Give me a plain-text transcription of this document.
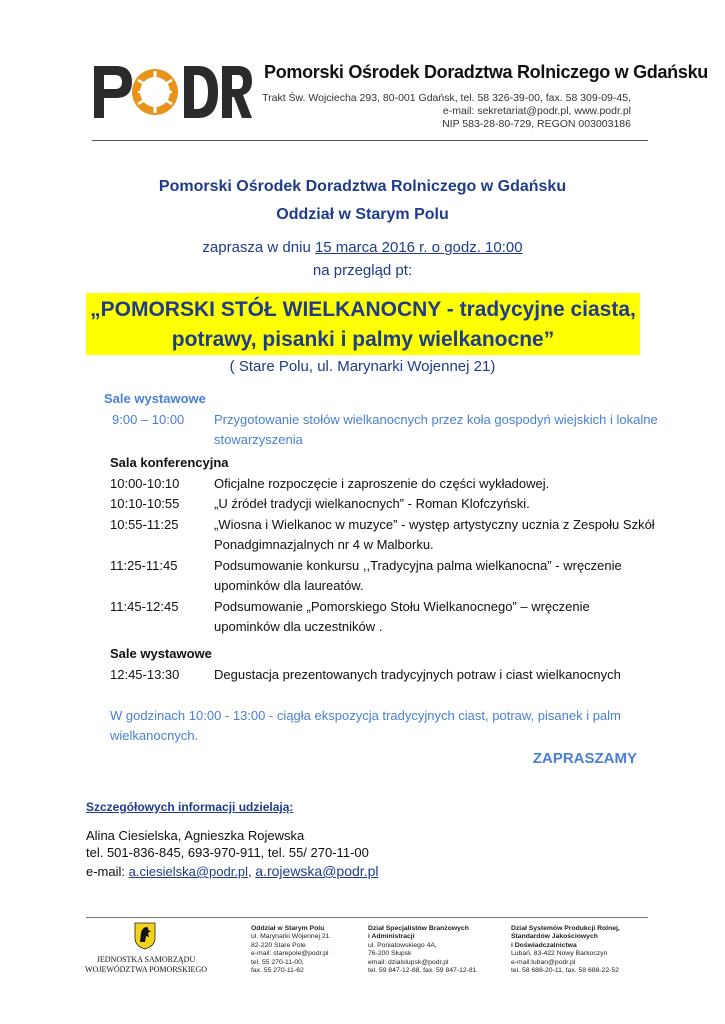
Pomorski Ośrodek Doradztwa Rolniczego w Gdańsku
Trakt Św. Wojciecha 293, 80-001 Gdańsk, tel. 58 326-39-00, fax. 58 309-09-45,
e-mail: sekretariat@podr.pl, www.podr.pl
NIP 583-28-80-729, REGON 003003186
Pomorski Ośrodek Doradztwa Rolniczego w Gdańsku
Oddział w Starym Polu
zaprasza w dniu 15 marca 2016 r. o godz. 10:00
na przegląd pt:
„POMORSKI STÓŁ WIELKANOCNY - tradycyjne ciasta,
potrawy, pisanki i palmy wielkanocne”
( Stare Polu, ul. Marynarki Wojennej 21)
Sale wystawowe
9:00 – 10:00 Przygotowanie stołów wielkanocnych przez koła gospodyń wiejskich i lokalne
stowarzyszenia
Sala konferencyjna
10:00-10:10	Oficjalne rozpoczęcie i zaproszenie do części wykładowej.
10:10-10:55	„U źródeł tradycji wielkanocnych” - Roman Klofczyński.
10:55-11:25	„Wiosna i Wielkanoc w muzyce” - występ artystyczny ucznia z Zespołu Szkół
Ponadgimnazjalnych nr 4 w Malborku.
11:25-11:45	Podsumowanie konkursu ,,Tradycyjna palma wielkanocna” - wręczenie
upominków dla laureatów.
11:45-12:45	Podsumowanie „Pomorskiego Stołu Wielkanocnego” – wręczenie
upominków dla uczestników .
Sale wystawowe
12:45-13:30	Degustacja prezentowanych tradycyjnych potraw i ciast wielkanocnych
W godzinach 10:00 - 13:00 - ciągła ekspozycja tradycyjnych ciast, potraw, pisanek i palm
wielkanocnych.
ZAPRASZAMY
Szczegółowych informacji udzielają:
Alina Ciesielska, Agnieszka Rojewska
tel. 501-836-845, 693-970-911, tel. 55/ 270-11-00
e-mail: a.ciesielska@podr.pl, a.rojewska@podr.pl
JEDNOSTKA SAMORZĄDU
WOJEWÓDZTWA POMORSKIEGO
Oddział w Starym Polu
ul. Marynarki Wojennej 21
82-220 Stare Pole
e-mail: starepole@podr.pl
tel. 55 270-11-00,
fax. 55 270-11-62
Dział Specjalistów Branżowych
i Administracji
ul. Poniatowskiego 4A,
76-200 Słupsk
email: dzialslupsk@podr.pl
tel. 59 847-12-88, fax. 59 847-12-81
Dział Systemów Produkcji Rolnej,
Standardów Jakościowych
i Doświadczalnictwa
Lubań, 83-422 Nowy Barkoczyn
e-mail:luban@podr.pl
tel. 58 688-20-11, fax. 58 688-22-52
